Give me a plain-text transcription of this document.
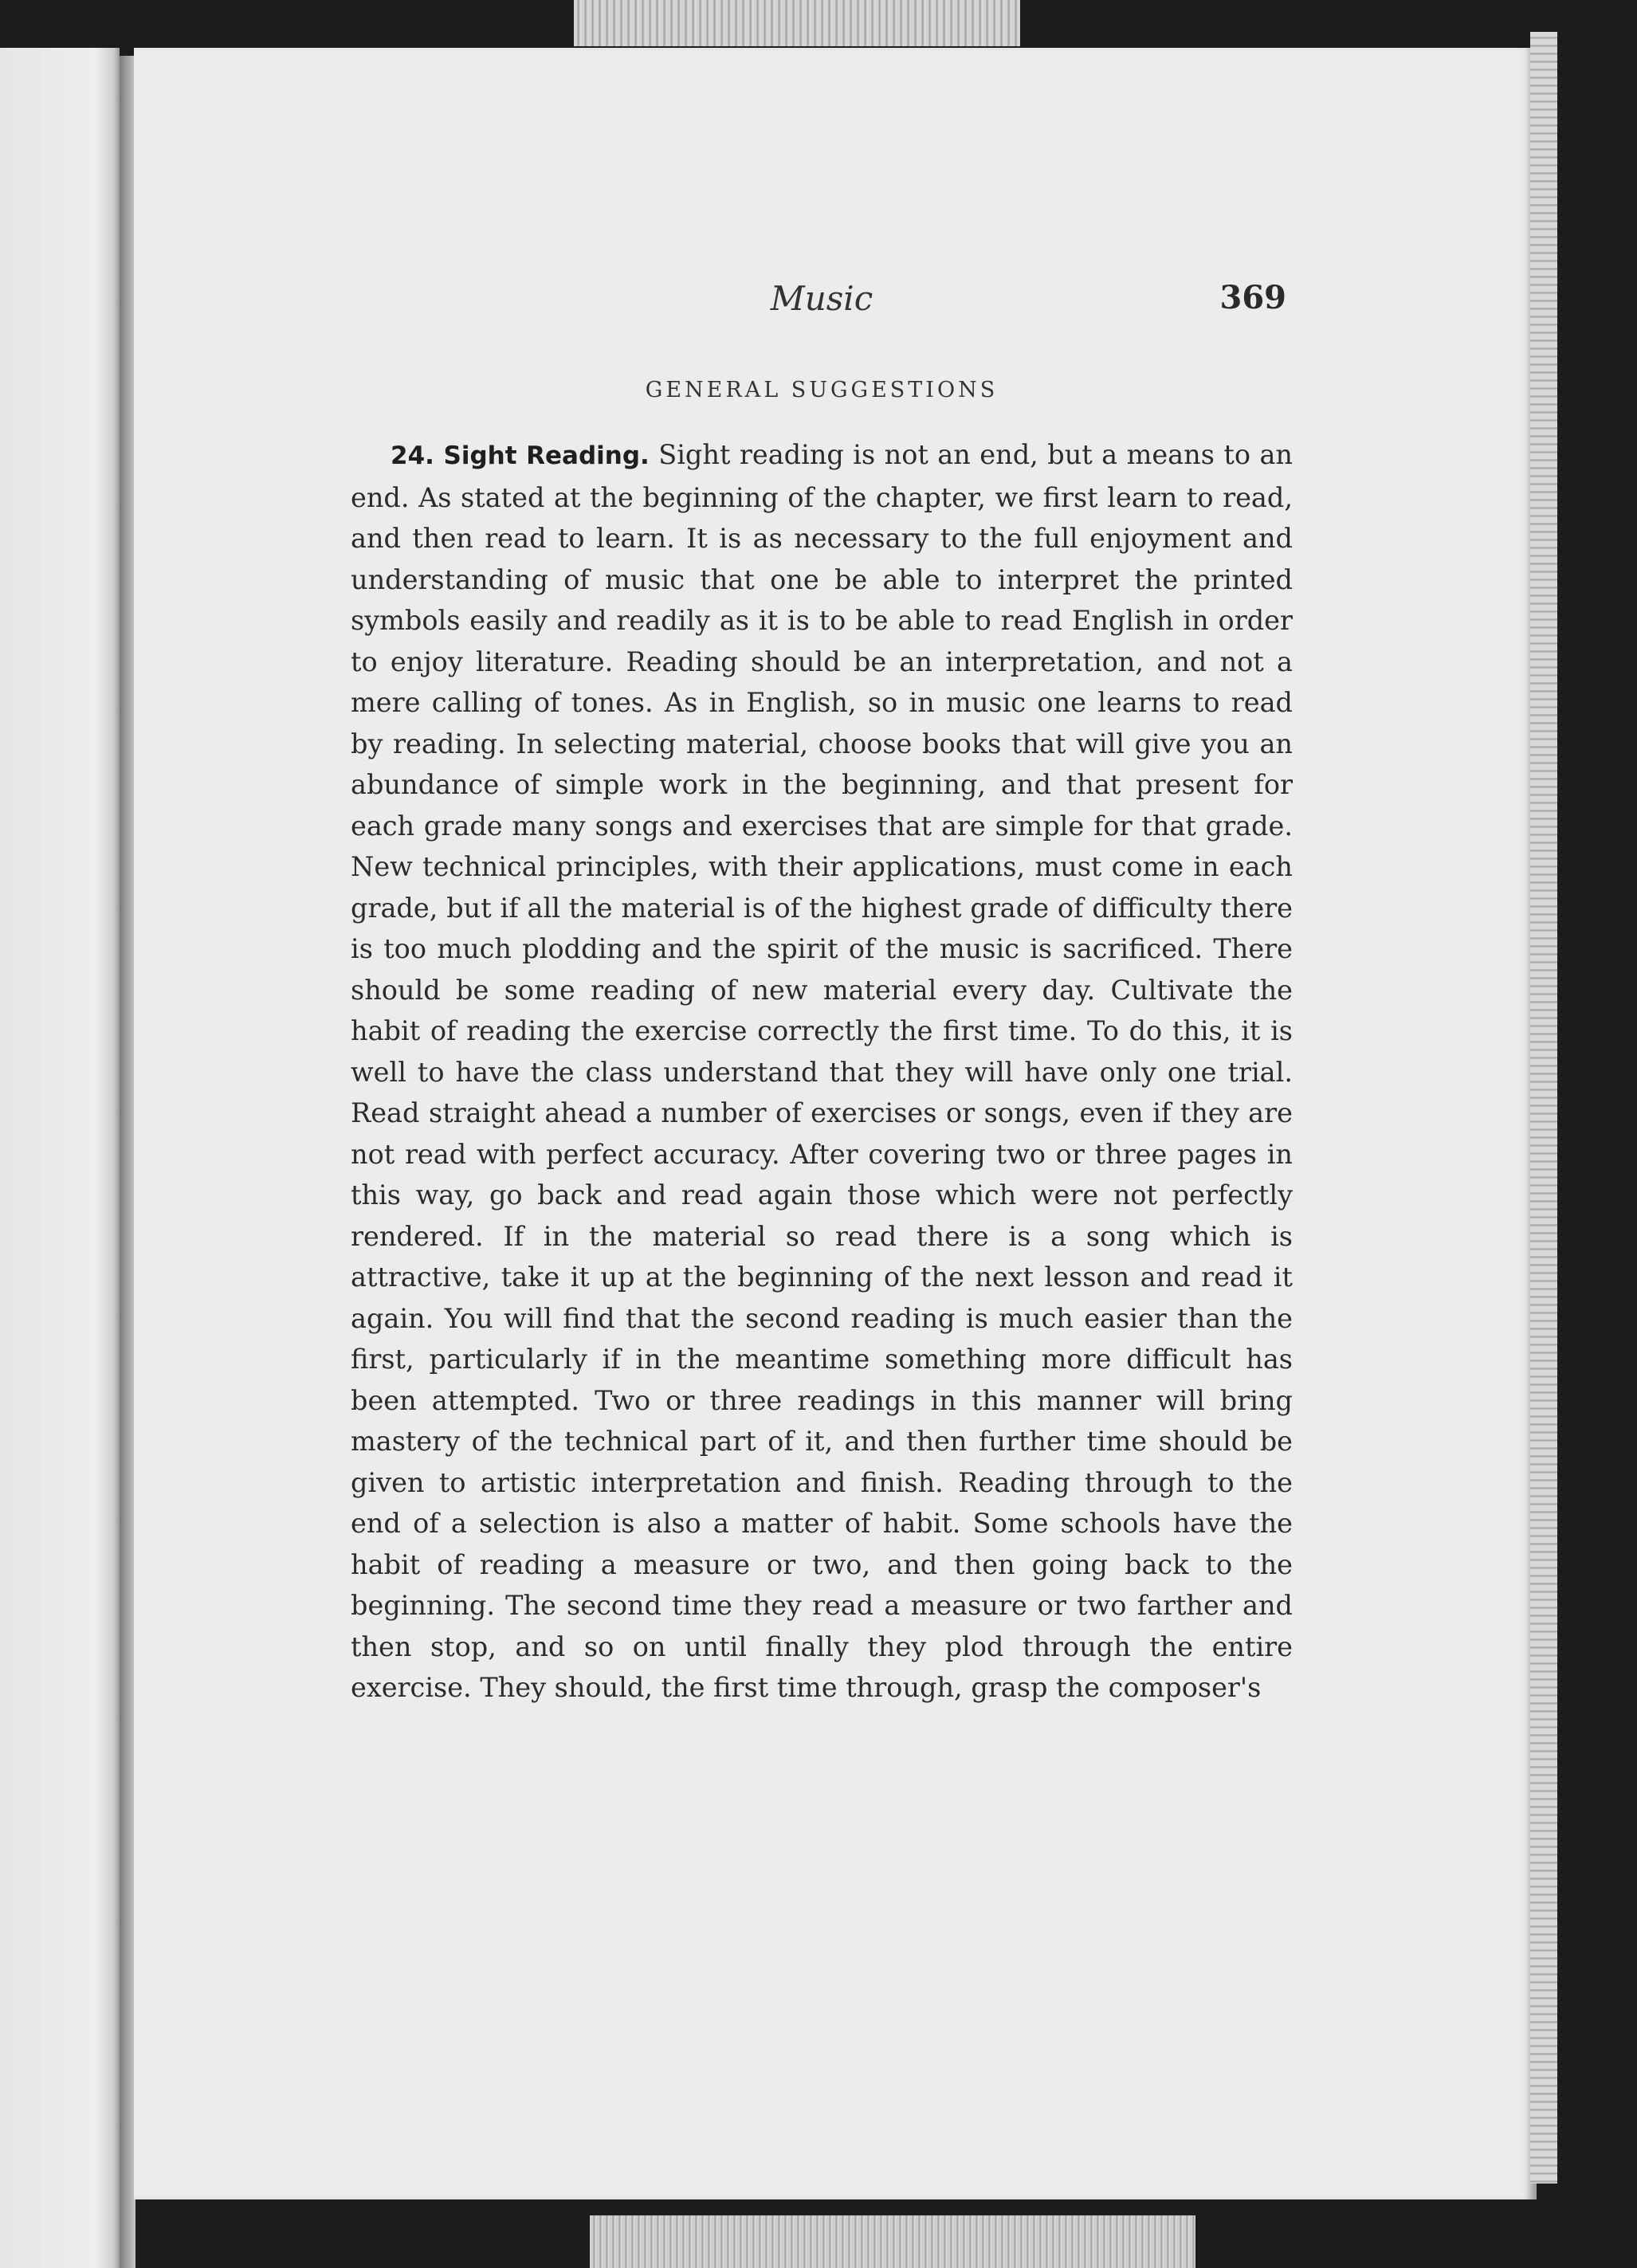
Music	369
GENERAL SUGGESTIONS

24. Sight Reading. Sight reading is not an end, but a means to an end. As stated at the beginning of the chapter, we first learn to read, and then read to learn. It is as necessary to the full enjoyment and understanding of music that one be able to interpret the printed symbols easily and readily as it is to be able to read English in order to enjoy literature. Reading should be an interpretation, and not a mere calling of tones. As in English, so in music one learns to read by reading. In selecting material, choose books that will give you an abundance of simple work in the beginning, and that present for each grade many songs and exercises that are simple for that grade. New technical principles, with their applications, must come in each grade, but if all the material is of the highest grade of difficulty there is too much plodding and the spirit of the music is sacrificed. There should be some reading of new material every day. Cultivate the habit of reading the exercise correctly the first time. To do this, it is well to have the class understand that they will have only one trial. Read straight ahead a number of exercises or songs, even if they are not read with perfect accuracy. After covering two or three pages in this way, go back and read again those which were not perfectly rendered. If in the material so read there is a song which is attractive, take it up at the beginning of the next lesson and read it again. You will find that the second reading is much easier than the first, particularly if in the meantime something more difficult has been attempted. Two or three readings in this manner will bring mastery of the technical part of it, and then further time should be given to artistic interpretation and finish. Reading through to the end of a selection is also a matter of habit. Some schools have the habit of reading a measure or two, and then going back to the beginning. The second time they read a measure or two farther and then stop, and so on until finally they plod through the entire exercise. They should, the first time through, grasp the composer's
